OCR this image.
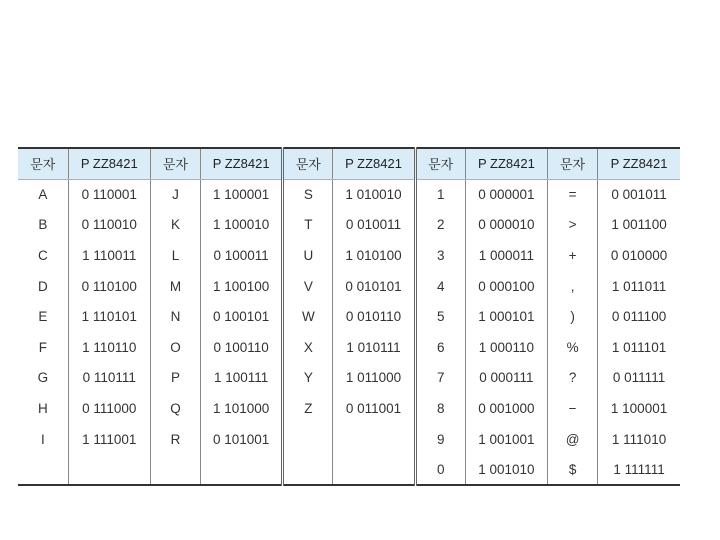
문자	P ZZ8421	문자	P ZZ8421	문자	P ZZ8421	문자	P ZZ8421	문자	P ZZ8421
A	0 110001	J	1 100001	S	1 010010	1	0 000001	=	0 001011
B	0 110010	K	1 100010	T	0 010011	2	0 000010	>	1 001100
C	1 110011	L	0 100011	U	1 010100	3	1 000011	+	0 010000
D	0 110100	M	1 100100	V	0 010101	4	0 000100	,	1 011011
E	1 110101	N	0 100101	W	0 010110	5	1 000101	)	0 011100
F	1 110110	O	0 100110	X	1 010111	6	1 000110	%	1 011101
G	0 110111	P	1 100111	Y	1 011000	7	0 000111	?	0 011111
H	0 111000	Q	1 101000	Z	0 011001	8	0 001000	−	1 100001
I	1 111001	R	0 101001			9	1 001001	@	1 111010
						0	1 001010	$	1 111111
